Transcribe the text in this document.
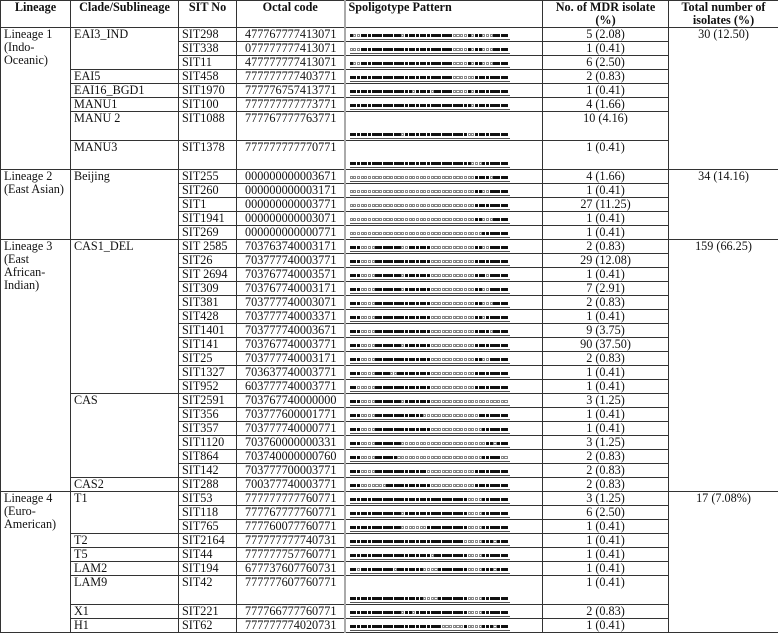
Lineage	Clade/Sublineage	SIT No	Octal code	Spoligotype Pattern	No. of MDR isolate (%)	Total number of isolates (%)
Lineage 1 (Indo-Oceanic)	EAI3_IND	SIT298	477767777413071		5 (2.08)	30 (12.50)
		SIT338	077777777413071		1 (0.41)	
		SIT11	477777777413071		6 (2.50)	
	EAI5	SIT458	777777777403771		2 (0.83)	
	EAI16_BGD1	SIT1970	777776757413771		1 (0.41)	
	MANU1	SIT100	777777777773771		4 (1.66)	
	MANU 2	SIT1088	777767777763771		10 (4.16)	
	MANU3	SIT1378	777777777770771		1 (0.41)	
Lineage 2 (East Asian)	Beijing	SIT255	000000000003671		4 (1.66)	34 (14.16)
		SIT260	000000000003171		1 (0.41)	
		SIT1	000000000003771		27 (11.25)	
		SIT1941	000000000003071		1 (0.41)	
		SIT269	000000000000771		1 (0.41)	
Lineage 3 (East African-Indian)	CAS1_DEL	SIT 2585	703763740003171		2 (0.83)	159 (66.25)
		SIT26	703777740003771		29 (12.08)	
		SIT 2694	703767740003571		1 (0.41)	
		SIT309	703767740003171		7 (2.91)	
		SIT381	703777740003071		2 (0.83)	
		SIT428	703777740003371		1 (0.41)	
		SIT1401	703777740003671		9 (3.75)	
		SIT141	703767740003771		90 (37.50)	
		SIT25	703777740003171		2 (0.83)	
		SIT1327	703637740003771		1 (0.41)	
		SIT952	603777740003771		1 (0.41)	
	CAS	SIT2591	703767740000000		3 (1.25)	
		SIT356	703777600001771		1 (0.41)	
		SIT357	703777740000771		1 (0.41)	
		SIT1120	703760000000331		3 (1.25)	
		SIT864	703740000000760		2 (0.83)	
		SIT142	703777700003771		2 (0.83)	
	CAS2	SIT288	700377740003771		2 (0.83)	
Lineage 4 (Euro-American)	T1	SIT53	777777777760771		3 (1.25)	17 (7.08%)
		SIT118	777767777760771		6 (2.50)	
		SIT765	777760077760771		1 (0.41)	
	T2	SIT2164	777777777740731		1 (0.41)	
	T5	SIT44	777777757760771		1 (0.41)	
	LAM2	SIT194	677737607760731		1 (0.41)	
	LAM9	SIT42	777777607760771		1 (0.41)	
	X1	SIT221	777766777760771		2 (0.83)	
	H1	SIT62	777777774020731		1 (0.41)	
